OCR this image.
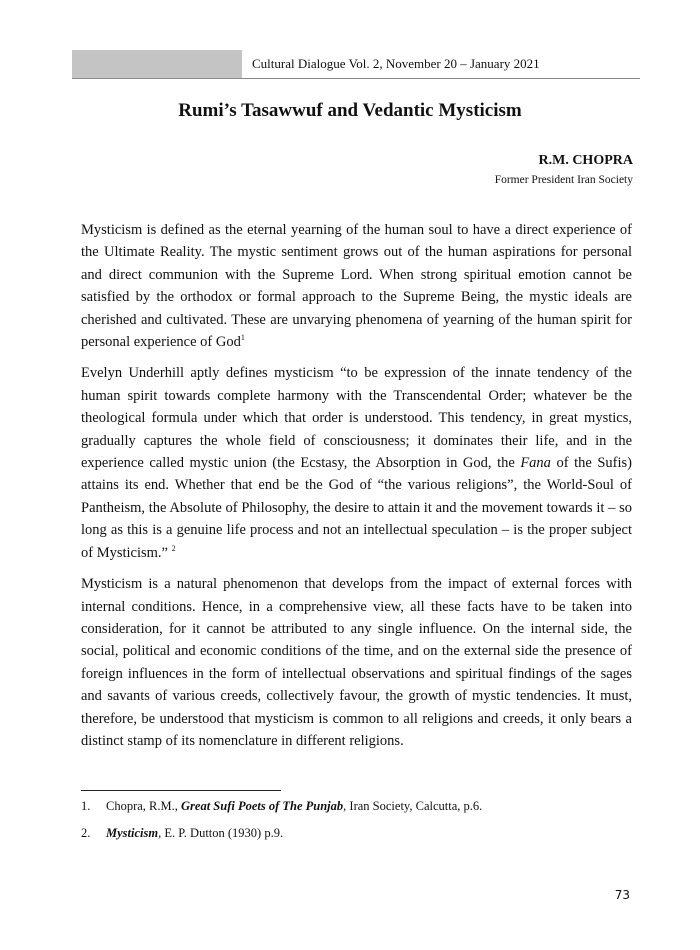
Cultural Dialogue Vol. 2, November 20 – January 2021
Rumi’s Tasawwuf and Vedantic Mysticism
R.M. CHOPRA
Former President Iran Society

Mysticism is defined as the eternal yearning of the human soul to have a direct experience of the Ultimate Reality. The mystic sentiment grows out of the human aspirations for personal and direct communion with the Supreme Lord. When strong spiritual emotion cannot be satisfied by the orthodox or formal approach to the Supreme Being, the mystic ideals are cherished and cultivated. These are unvarying phenomena of yearning of the human spirit for personal experience of God$^1$

Evelyn Underhill aptly defines mysticism “to be expression of the innate tendency of the human spirit towards complete harmony with the Transcendental Order; whatever be the theological formula under which that order is understood. This tendency, in great mystics, gradually captures the whole field of consciousness; it dominates their life, and in the experience called mystic union (the Ecstasy, the Absorption in God, the Fana of the Sufis) attains its end. Whether that end be the God of “the various religions”, the World-Soul of Pantheism, the Absolute of Philosophy, the desire to attain it and the movement towards it – so long as this is a genuine life process and not an intellectual speculation – is the proper subject of Mysticism.” $^2$

Mysticism is a natural phenomenon that develops from the impact of external forces with internal conditions. Hence, in a comprehensive view, all these facts have to be taken into consideration, for it cannot be attributed to any single influence. On the internal side, the social, political and economic conditions of the time, and on the external side the presence of foreign influences in the form of intellectual observations and spiritual findings of the sages and savants of various creeds, collectively favour, the growth of mystic tendencies. It must, therefore, be understood that mysticism is common to all religions and creeds, it only bears a distinct stamp of its nomenclature in different religions.

1.	Chopra, R.M., Great Sufi Poets of The Punjab, Iran Society, Calcutta, p.6.
2.	Mysticism, E. P. Dutton (1930) p.9.
73
